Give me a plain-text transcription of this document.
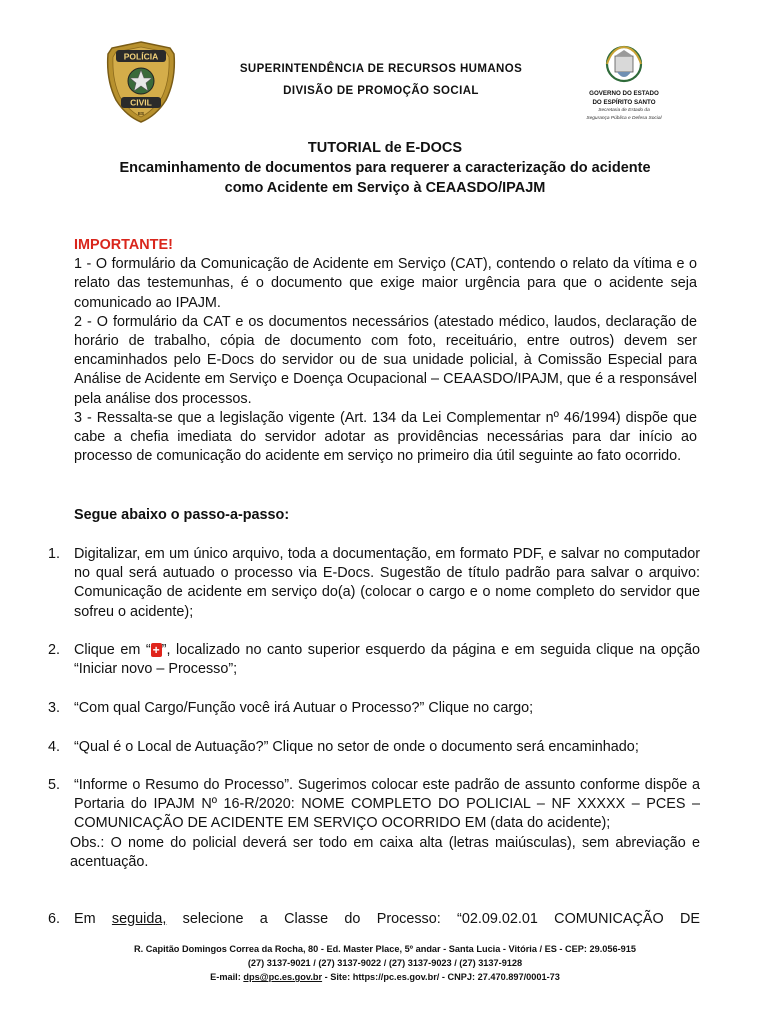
POLÍCIA
CIVIL
ES
SUPERINTENDÊNCIA DE RECURSOS HUMANOS
DIVISÃO DE PROMOÇÃO SOCIAL	GOVERNO DO ESTADO
DO ESPÍRITO SANTO
Secretaria de Estado da
Segurança Pública e Defesa Social
TUTORIAL de E-DOCS
Encaminhamento de documentos para requerer a caracterização do acidente
como Acidente em Serviço à CEAASDO/IPAJM
IMPORTANTE!

1 - O formulário da Comunicação de Acidente em Serviço (CAT), contendo o relato da vítima e o relato das testemunhas, é o documento que exige maior urgência para que o acidente seja comunicado ao IPAJM.

2 - O formulário da CAT e os documentos necessários (atestado médico, laudos, declaração de horário de trabalho, cópia de documento com foto, receituário, entre outros) devem ser encaminhados pelo E-Docs do servidor ou de sua unidade policial, à Comissão Especial para Análise de Acidente em Serviço e Doença Ocupacional – CEAASDO/IPAJM, que é a responsável pela análise dos processos.

3 - Ressalta-se que a legislação vigente (Art. 134 da Lei Complementar nº 46/1994) dispõe que cabe a chefia imediata do servidor adotar as providências necessárias para dar início ao processo de comunicação do acidente em serviço no primeiro dia útil seguinte ao fato ocorrido.

Segue abaixo o passo-a-passo:
1. Digitalizar, em um único arquivo, toda a documentação, em formato PDF, e salvar no computador no qual será autuado o processo via E-Docs. Sugestão de título padrão para salvar o arquivo: Comunicação de acidente em serviço do(a) (colocar o cargo e o nome completo do servidor que sofreu o acidente);
2. Clique em “ + ”, localizado no canto superior esquerdo da página e em seguida clique na opção “Iniciar novo – Processo”;
3. “Com qual Cargo/Função você irá Autuar o Processo?” Clique no cargo;
4. “Qual é o Local de Autuação?” Clique no setor de onde o documento será encaminhado;
5. “Informe o Resumo do Processo”. Sugerimos colocar este padrão de assunto conforme dispõe a Portaria do IPAJM Nº 16-R/2020: NOME COMPLETO DO POLICIAL – NF XXXXX – PCES – COMUNICAÇÃO DE ACIDENTE EM SERVIÇO OCORRIDO EM (data do acidente);
Obs.: O nome do policial deverá ser todo em caixa alta (letras maiúsculas), sem abreviação e acentuação.
6. Em seguida, selecione a Classe do Processo: “02.09.02.01 COMUNICAÇÃO DE
R. Capitão Domingos Correa da Rocha, 80 - Ed. Master Place, 5º andar - Santa Lucia - Vitória / ES - CEP: 29.056-915
(27) 3137-9021 / (27) 3137-9022 / (27) 3137-9023 / (27) 3137-9128
E-mail: dps@pc.es.gov.br - Site: https://pc.es.gov.br/ - CNPJ: 27.470.897/0001-73
